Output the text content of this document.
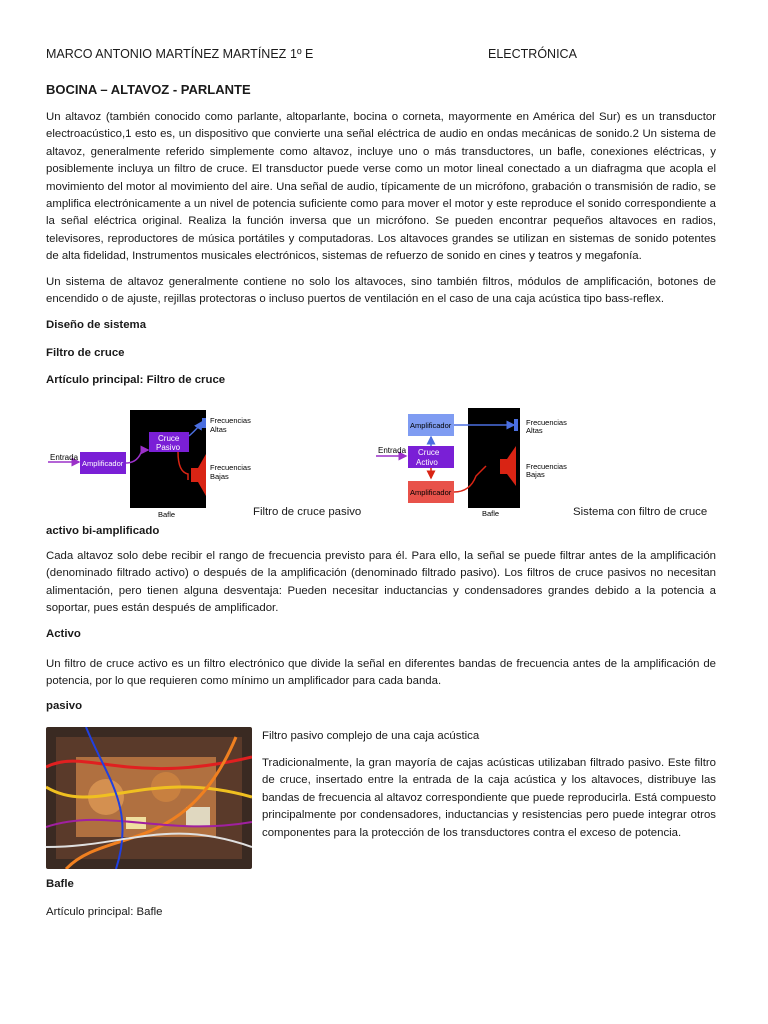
MARCO ANTONIO MARTÍNEZ MARTÍNEZ 1º E	ELECTRÓNICA
BOCINA – ALTAVOZ - PARLANTE

Un altavoz (también conocido como parlante, altoparlante, bocina o corneta, mayormente en América del Sur) es un transductor electroacústico,1 esto es, un dispositivo que convierte una señal eléctrica de audio en ondas mecánicas de sonido.2 Un sistema de altavoz, generalmente referido simplemente como altavoz, incluye uno o más transductores, un bafle, conexiones eléctricas, y posiblemente incluya un filtro de cruce. El transductor puede verse como un motor lineal conectado a un diafragma que acopla el movimiento del motor al movimiento del aire. Una señal de audio, típicamente de un micrófono, grabación o transmisión de radio, se amplifica electrónicamente a un nivel de potencia suficiente como para mover el motor y este reproduce el sonido correspondiente a la señal eléctrica original. Realiza la función inversa que un micrófono. Se pueden encontrar pequeños altavoces en radios, televisores, reproductores de música portátiles y computadoras. Los altavoces grandes se utilizan en sistemas de sonido potentes de alta fidelidad, Instrumentos musicales electrónicos, sistemas de refuerzo de sonido en cines y teatros y megafonía.

Un sistema de altavoz generalmente contiene no solo los altavoces, sino también filtros, módulos de amplificación, botones de encendido o de ajuste, rejillas protectoras o incluso puertos de ventilación en el caso de una caja acústica tipo bass-reflex.

Diseño de sistema
Filtro de cruce
Artículo principal: Filtro de cruce
Entrada
Amplificador
Cruce
Pasivo
Frecuencias
Altas
Frecuencias
Bajas
Bafle	Filtro de cruce pasivo
Entrada Cruce
Activo
Amplificador
Amplificador
Frecuencias
Altas
Frecuencias
Bajas
Bafle	Sistema con filtro de cruce
activo bi-amplificado

Cada altavoz solo debe recibir el rango de frecuencia previsto para él. Para ello, la señal se puede filtrar antes de la amplificación (denominado filtrado activo) o después de la amplificación (denominado filtrado pasivo). Los filtros de cruce pasivos no necesitan alimentación, pero tienen alguna desventaja: Pueden necesitar inductancias y condensadores grandes debido a la potencia a soportar, pues están después de amplificador.

Activo

Un filtro de cruce activo es un filtro electrónico que divide la señal en diferentes bandas de frecuencia antes de la amplificación de potencia, por lo que requieren como mínimo un amplificador para cada banda.

pasivo
Filtro pasivo complejo de una caja acústica

Tradicionalmente, la gran mayoría de cajas acústicas utilizaban filtrado pasivo. Este filtro de cruce, insertado entre la entrada de la caja acústica y los altavoces, distribuye las bandas de frecuencia al altavoz correspondiente que puede reproducirla. Está compuesto principalmente por condensadores, inductancias y resistencias pero puede integrar otros componentes para la protección de los transductores contra el exceso de potencia.

Bafle
Artículo principal: Bafle
